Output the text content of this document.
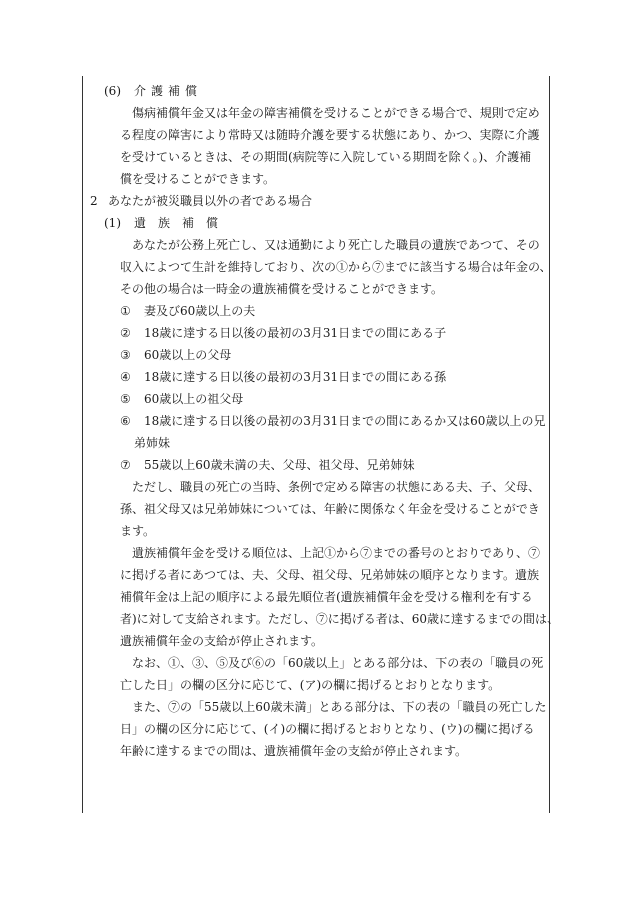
(6) 介護補償
傷病補償年金又は年金の障害補償を受けることができる場合で、規則で定め
る程度の障害により常時又は随時介護を要する状態にあり、かつ、実際に介護
を受けているときは、その期間(病院等に入院している期間を除く。)、介護補
償を受けることができます。
2 あなたが被災職員以外の者である場合
(1) 遺族補償
あなたが公務上死亡し、又は通勤により死亡した職員の遺族であつて、その
収入によつて生計を維持しており、次の①から⑦までに該当する場合は年金の、
その他の場合は一時金の遺族補償を受けることができます。
① 妻及び60歳以上の夫
② 18歳に達する日以後の最初の3月31日までの間にある子
③ 60歳以上の父母
④ 18歳に達する日以後の最初の3月31日までの間にある孫
⑤ 60歳以上の祖父母
⑥ 18歳に達する日以後の最初の3月31日までの間にあるか又は60歳以上の兄
弟姉妹
⑦ 55歳以上60歳未満の夫、父母、祖父母、兄弟姉妹
ただし、職員の死亡の当時、条例で定める障害の状態にある夫、子、父母、
孫、祖父母又は兄弟姉妹については、年齢に関係なく年金を受けることができ
ます。
遺族補償年金を受ける順位は、上記①から⑦までの番号のとおりであり、⑦
に掲げる者にあつては、夫、父母、祖父母、兄弟姉妹の順序となります。遺族
補償年金は上記の順序による最先順位者(遺族補償年金を受ける権利を有する
者)に対して支給されます。ただし、⑦に掲げる者は、60歳に達するまでの間は、
遺族補償年金の支給が停止されます。
なお、①、③、⑤及び⑥の「60歳以上」とある部分は、下の表の「職員の死
亡した日」の欄の区分に応じて、(ア)の欄に掲げるとおりとなります。
また、⑦の「55歳以上60歳未満」とある部分は、下の表の「職員の死亡した
日」の欄の区分に応じて、(イ)の欄に掲げるとおりとなり、(ウ)の欄に掲げる
年齢に達するまでの間は、遺族補償年金の支給が停止されます。
